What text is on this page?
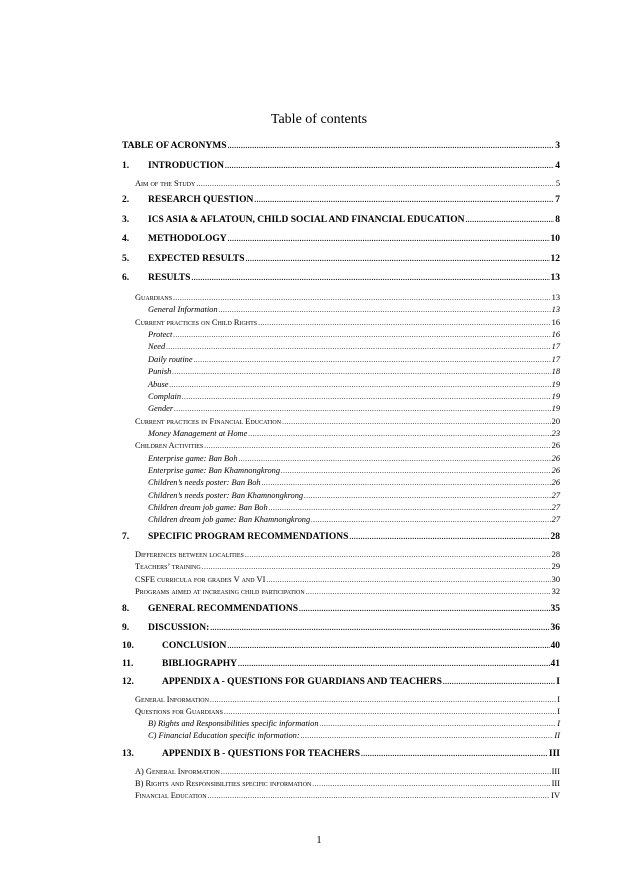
Table of contents
TABLE OF ACRONYMS .....	3
1.	INTRODUCTION .....	4
Aim of the Study .....	5
2.	RESEARCH QUESTION .....	7
3.	ICS ASIA & AFLATOUN, CHILD SOCIAL AND FINANCIAL EDUCATION .....	8
4.	METHODOLOGY .....	10
5.	EXPECTED RESULTS .....	12
6.	RESULTS .....	13
Guardians .....	13
General Information .....	13
Current practices on Child Rights .....	16
Protect .....	16
Need .....	17
Daily routine .....	17
Punish .....	18
Abuse .....	19
Complain .....	19
Gender .....	19
Current practices in Financial Education .....	20
Money Management at Home .....	23
Children Activities .....	26
Enterprise game: Ban Boh .....	26
Enterprise game: Ban Khamnongkrong .....	26
Children’s needs poster: Ban Boh .....	26
Children’s needs poster: Ban Khamnongkrong .....	27
Children dream job game: Ban Boh .....	27
Children dream job game: Ban Khamnongkrong .....	27
7.	SPECIFIC PROGRAM RECOMMENDATIONS .....	28
Differences between localities .....	28
Teachers’ training .....	29
CSFE curricula for grades V and VI .....	30
Programs aimed at increasing child participation .....	32
8.	GENERAL RECOMMENDATIONS .....	35
9.	DISCUSSION: .....	36
10.	CONCLUSION .....	40
11.	BIBLIOGRAPHY .....	41
12.	APPENDIX A - QUESTIONS FOR GUARDIANS AND TEACHERS .....	I
General Information .....	I
Questions for Guardians .....	I
B) Rights and Responsibilities specific information .....	I
C) Financial Education specific information: .....	II
13.	APPENDIX B - QUESTIONS FOR TEACHERS .....	III
A) General Information .....	III
B) Rights and Responsibilities specific information .....	III
Financial Education .....	IV
1
